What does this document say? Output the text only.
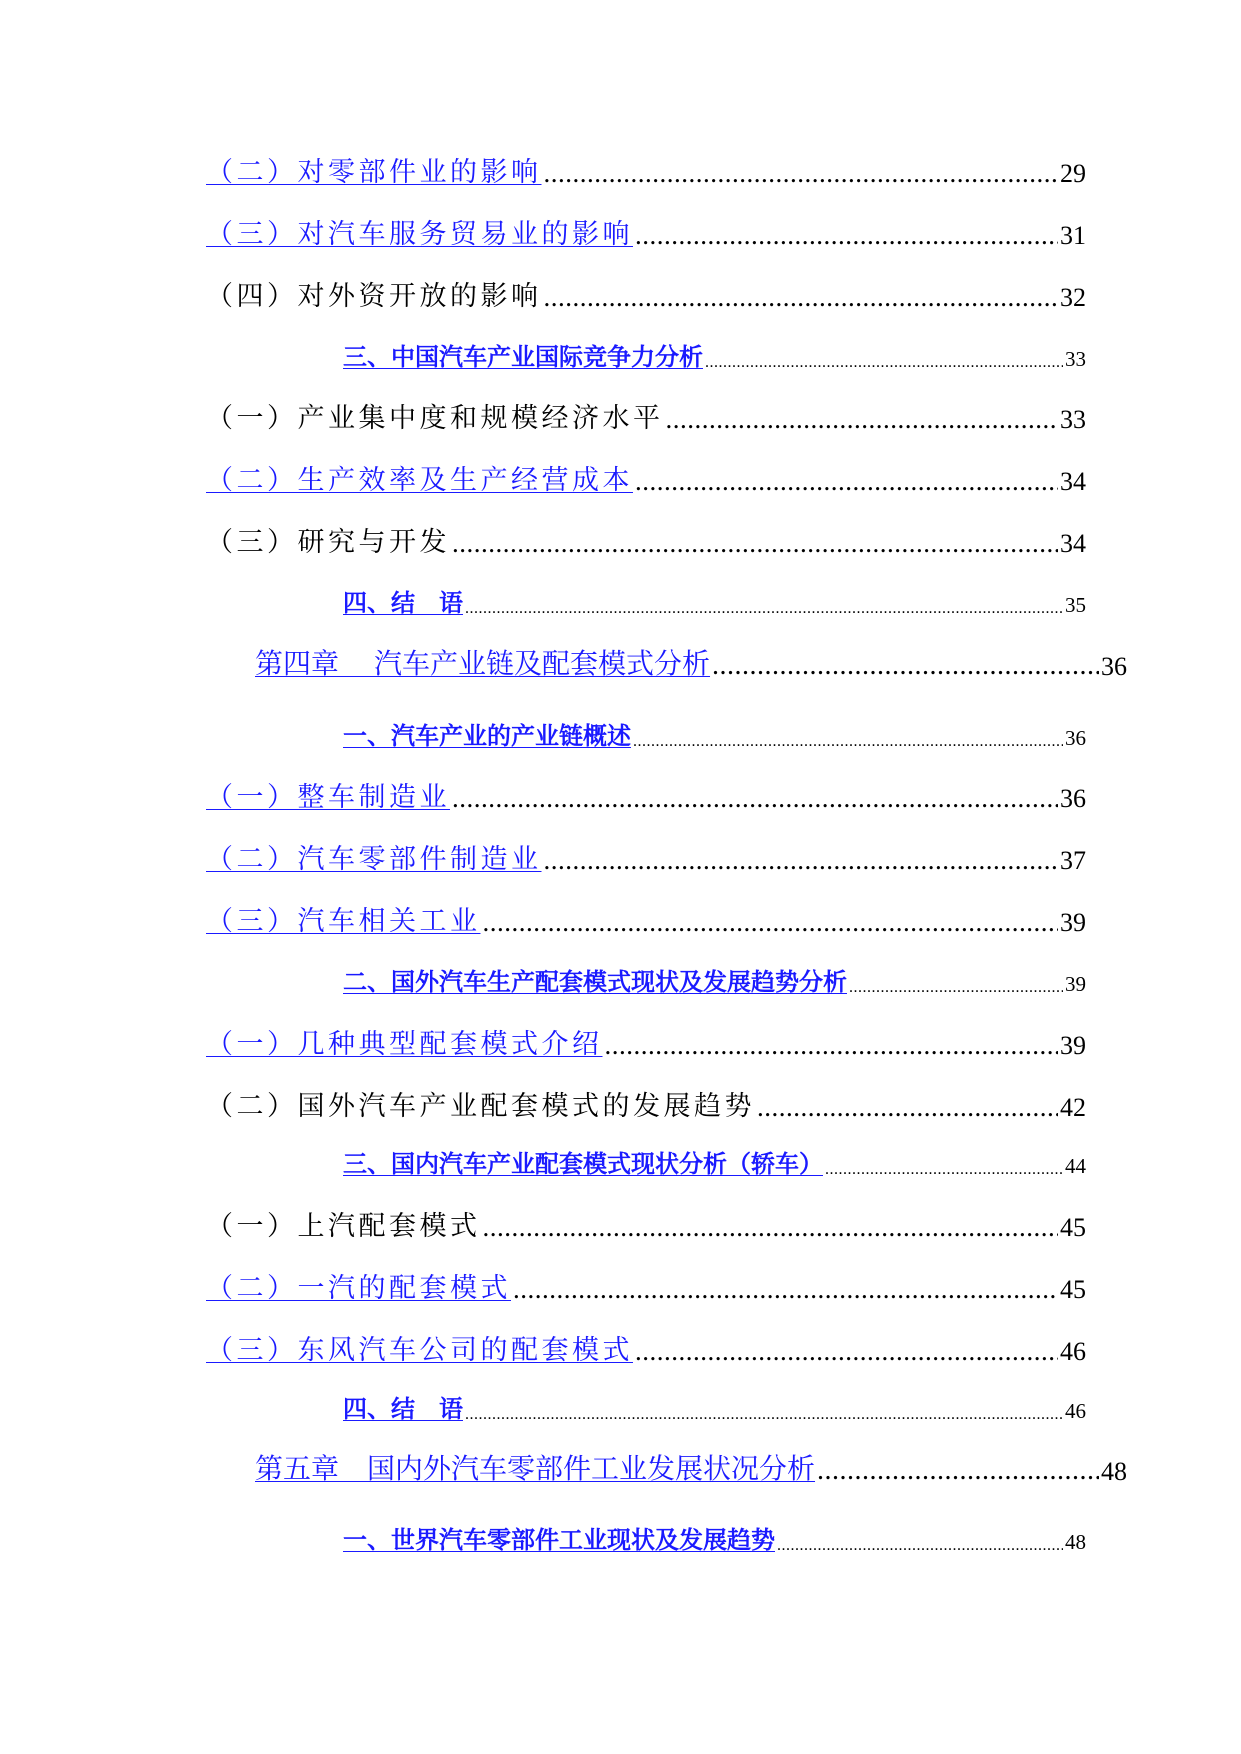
（二）对零部件业的影响 .....	29
（三）对汽车服务贸易业的影响 .....	31
（四）对外资开放的影响 .....	32
三、中国汽车产业国际竞争力分析 .....	33
（一）产业集中度和规模经济水平 .....	33
（二）生产效率及生产经营成本 .....	34
（三）研究与开发 .....	34
四、结　语 .....	35
第四章　 汽车产业链及配套模式分析 .....	36
一、汽车产业的产业链概述 .....	36
（一）整车制造业 .....	36
（二）汽车零部件制造业 .....	37
（三）汽车相关工业 .....	39
二、国外汽车生产配套模式现状及发展趋势分析 .....	39
（一）几种典型配套模式介绍 .....	39
（二）国外汽车产业配套模式的发展趋势 .....	42
三、国内汽车产业配套模式现状分析（轿车） .....	44
（一）上汽配套模式 .....	45
（二）一汽的配套模式 .....	45
（三）东风汽车公司的配套模式 .....	46
四、结　语 .....	46
第五章　国内外汽车零部件工业发展状况分析 .....	48
一、世界汽车零部件工业现状及发展趋势 .....	48
